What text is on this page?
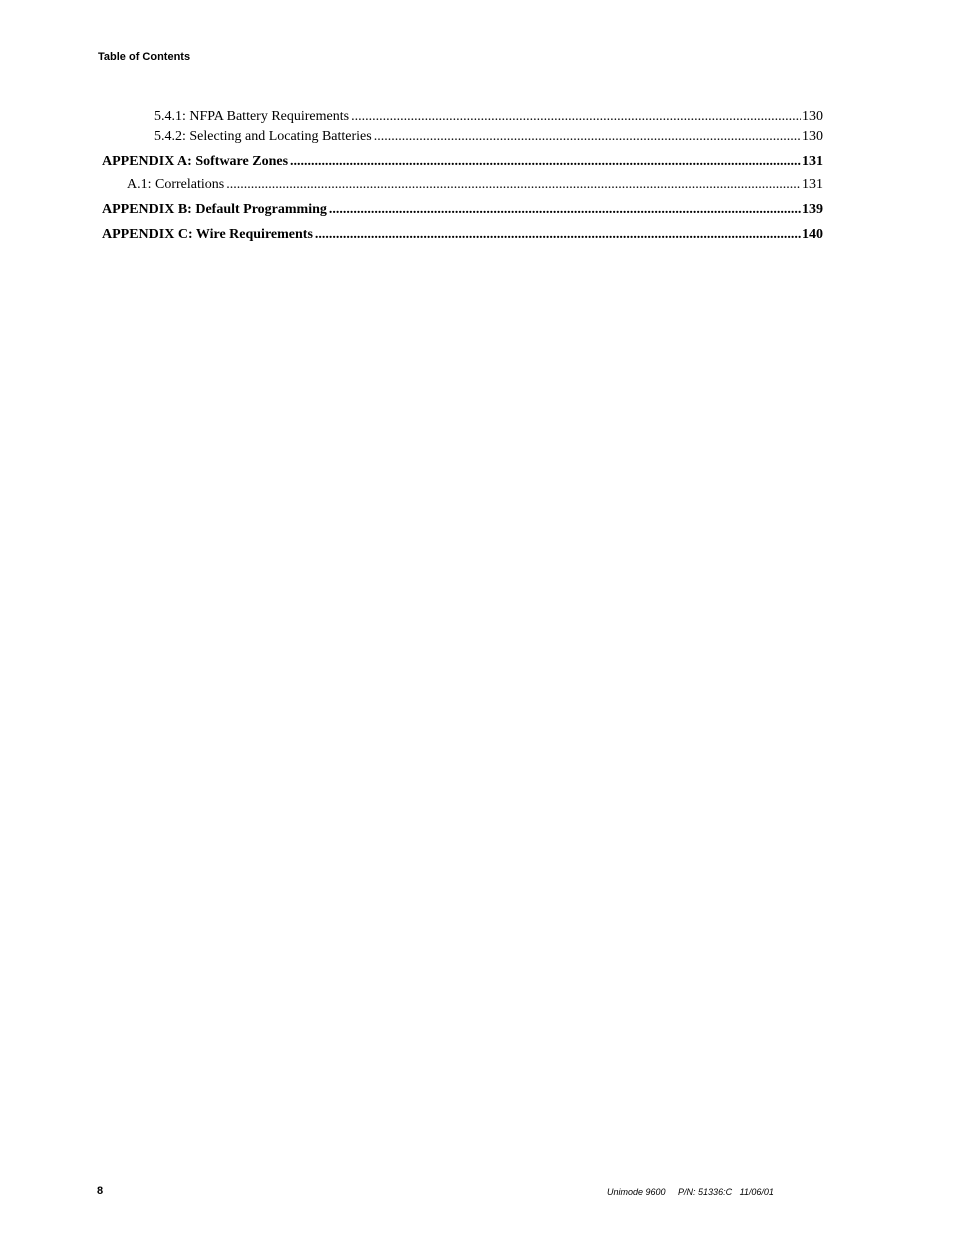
Table of Contents
5.4.1: NFPA Battery Requirements .....	130
5.4.2: Selecting and Locating Batteries .....	130
APPENDIX A: Software Zones .....	131
A.1: Correlations .....	131
APPENDIX B: Default Programming .....	139
APPENDIX C: Wire Requirements .....	140
8	Unimode 9600     P/N: 51336:C   11/06/01
